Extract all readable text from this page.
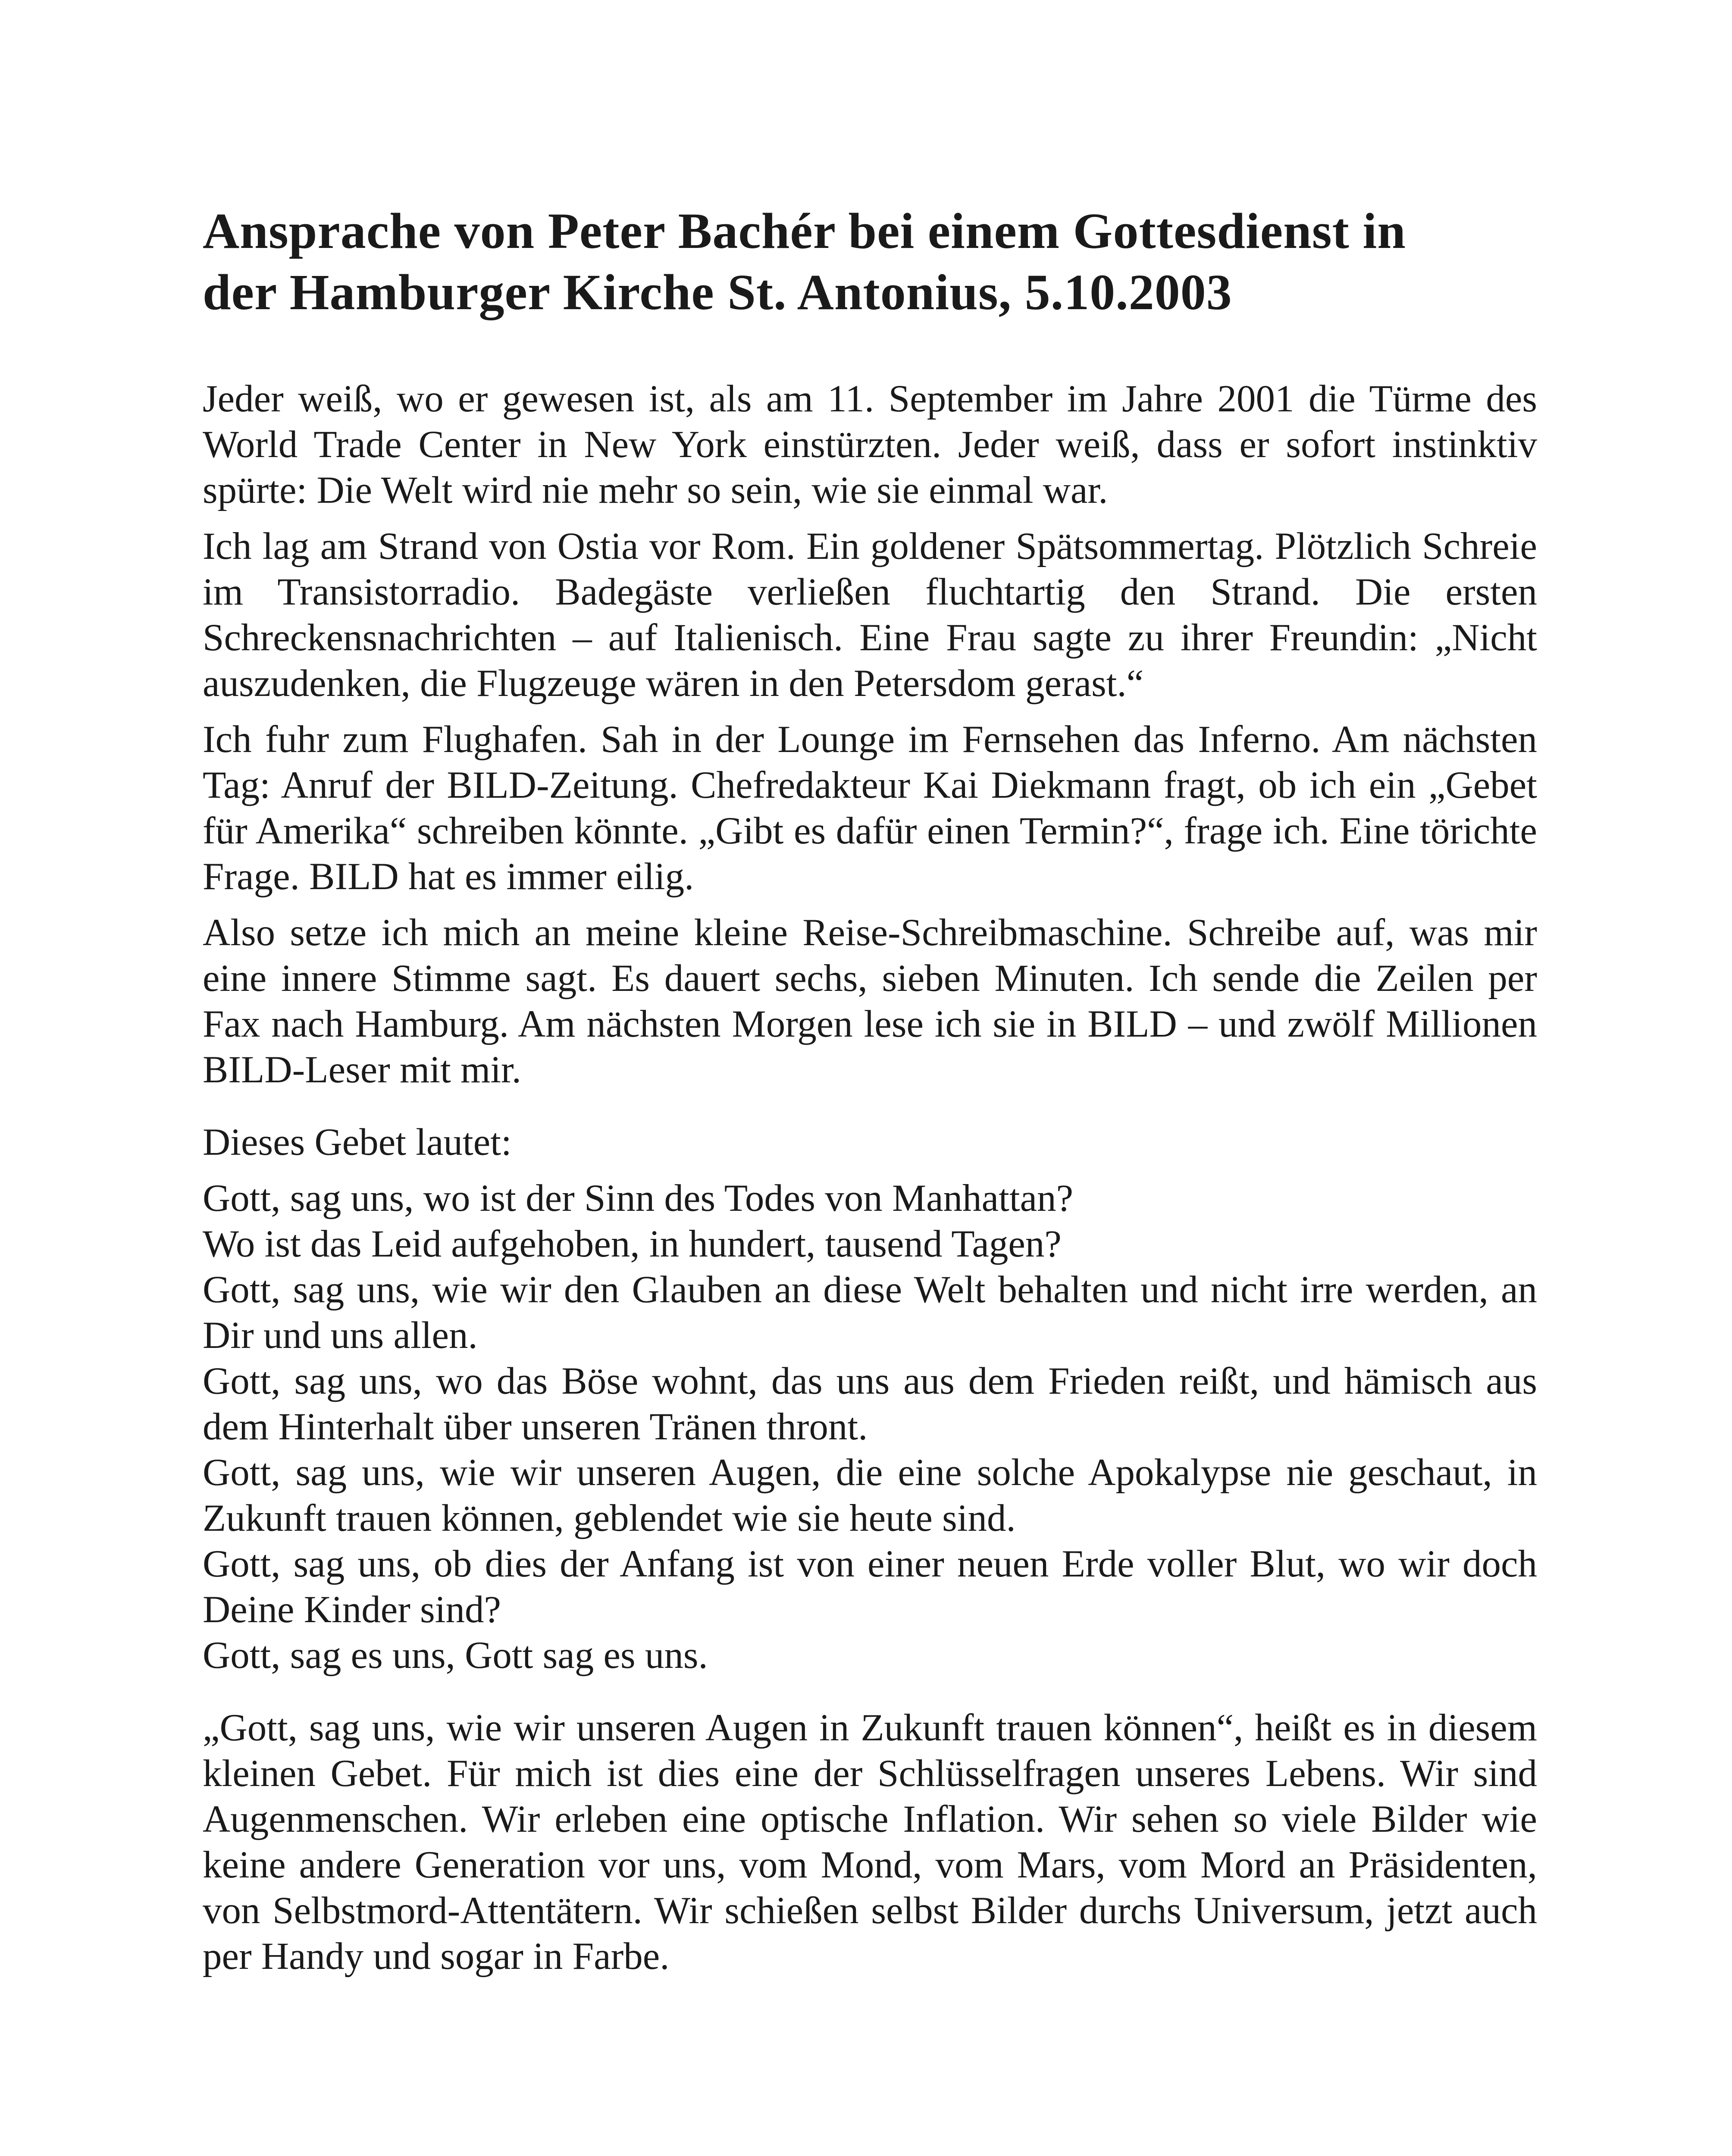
Ansprache von Peter Bachér bei einem Gottesdienst in
der Hamburger Kirche St. Antonius, 5.10.2003

Jeder weiß, wo er gewesen ist, als am 11. September im Jahre 2001 die Türme des World Trade Center in New York einstürzten. Jeder weiß, dass er sofort instinktiv spürte: Die Welt wird nie mehr so sein, wie sie einmal war.

Ich lag am Strand von Ostia vor Rom. Ein goldener Spätsommertag. Plötzlich Schreie im Transistorradio. Badegäste verließen fluchtartig den Strand. Die ersten Schreckensnachrichten – auf Italienisch. Eine Frau sagte zu ihrer Freundin: „Nicht auszudenken, die Flugzeuge wären in den Petersdom gerast.“

Ich fuhr zum Flughafen. Sah in der Lounge im Fernsehen das Inferno. Am nächsten Tag: Anruf der BILD-Zeitung. Chefredakteur Kai Diekmann fragt, ob ich ein „Gebet für Amerika“ schreiben könnte. „Gibt es dafür einen Termin?“, frage ich. Eine törichte Frage. BILD hat es immer eilig.

Also setze ich mich an meine kleine Reise-Schreibmaschine. Schreibe auf, was mir eine innere Stimme sagt. Es dauert sechs, sieben Minuten. Ich sende die Zeilen per Fax nach Hamburg. Am nächsten Morgen lese ich sie in BILD – und zwölf Millionen BILD-Leser mit mir.

Dieses Gebet lautet:

Gott, sag uns, wo ist der Sinn des Todes von Manhattan?
Wo ist das Leid aufgehoben, in hundert, tausend Tagen?
Gott, sag uns, wie wir den Glauben an diese Welt behalten und nicht irre werden, an Dir und uns allen.
Gott, sag uns, wo das Böse wohnt, das uns aus dem Frieden reißt, und hämisch aus dem Hinterhalt über unseren Tränen thront.
Gott, sag uns, wie wir unseren Augen, die eine solche Apokalypse nie geschaut, in Zukunft trauen können, geblendet wie sie heute sind.
Gott, sag uns, ob dies der Anfang ist von einer neuen Erde voller Blut, wo wir doch Deine Kinder sind?
Gott, sag es uns, Gott sag es uns.

„Gott, sag uns, wie wir unseren Augen in Zukunft trauen können“, heißt es in diesem kleinen Gebet. Für mich ist dies eine der Schlüsselfragen unseres Lebens. Wir sind Augenmenschen. Wir erleben eine optische Inflation. Wir sehen so viele Bilder wie keine andere Generation vor uns, vom Mond, vom Mars, vom Mord an Präsidenten, von Selbstmord-Attentätern. Wir schießen selbst Bilder durchs Universum, jetzt auch per Handy und sogar in Farbe.
